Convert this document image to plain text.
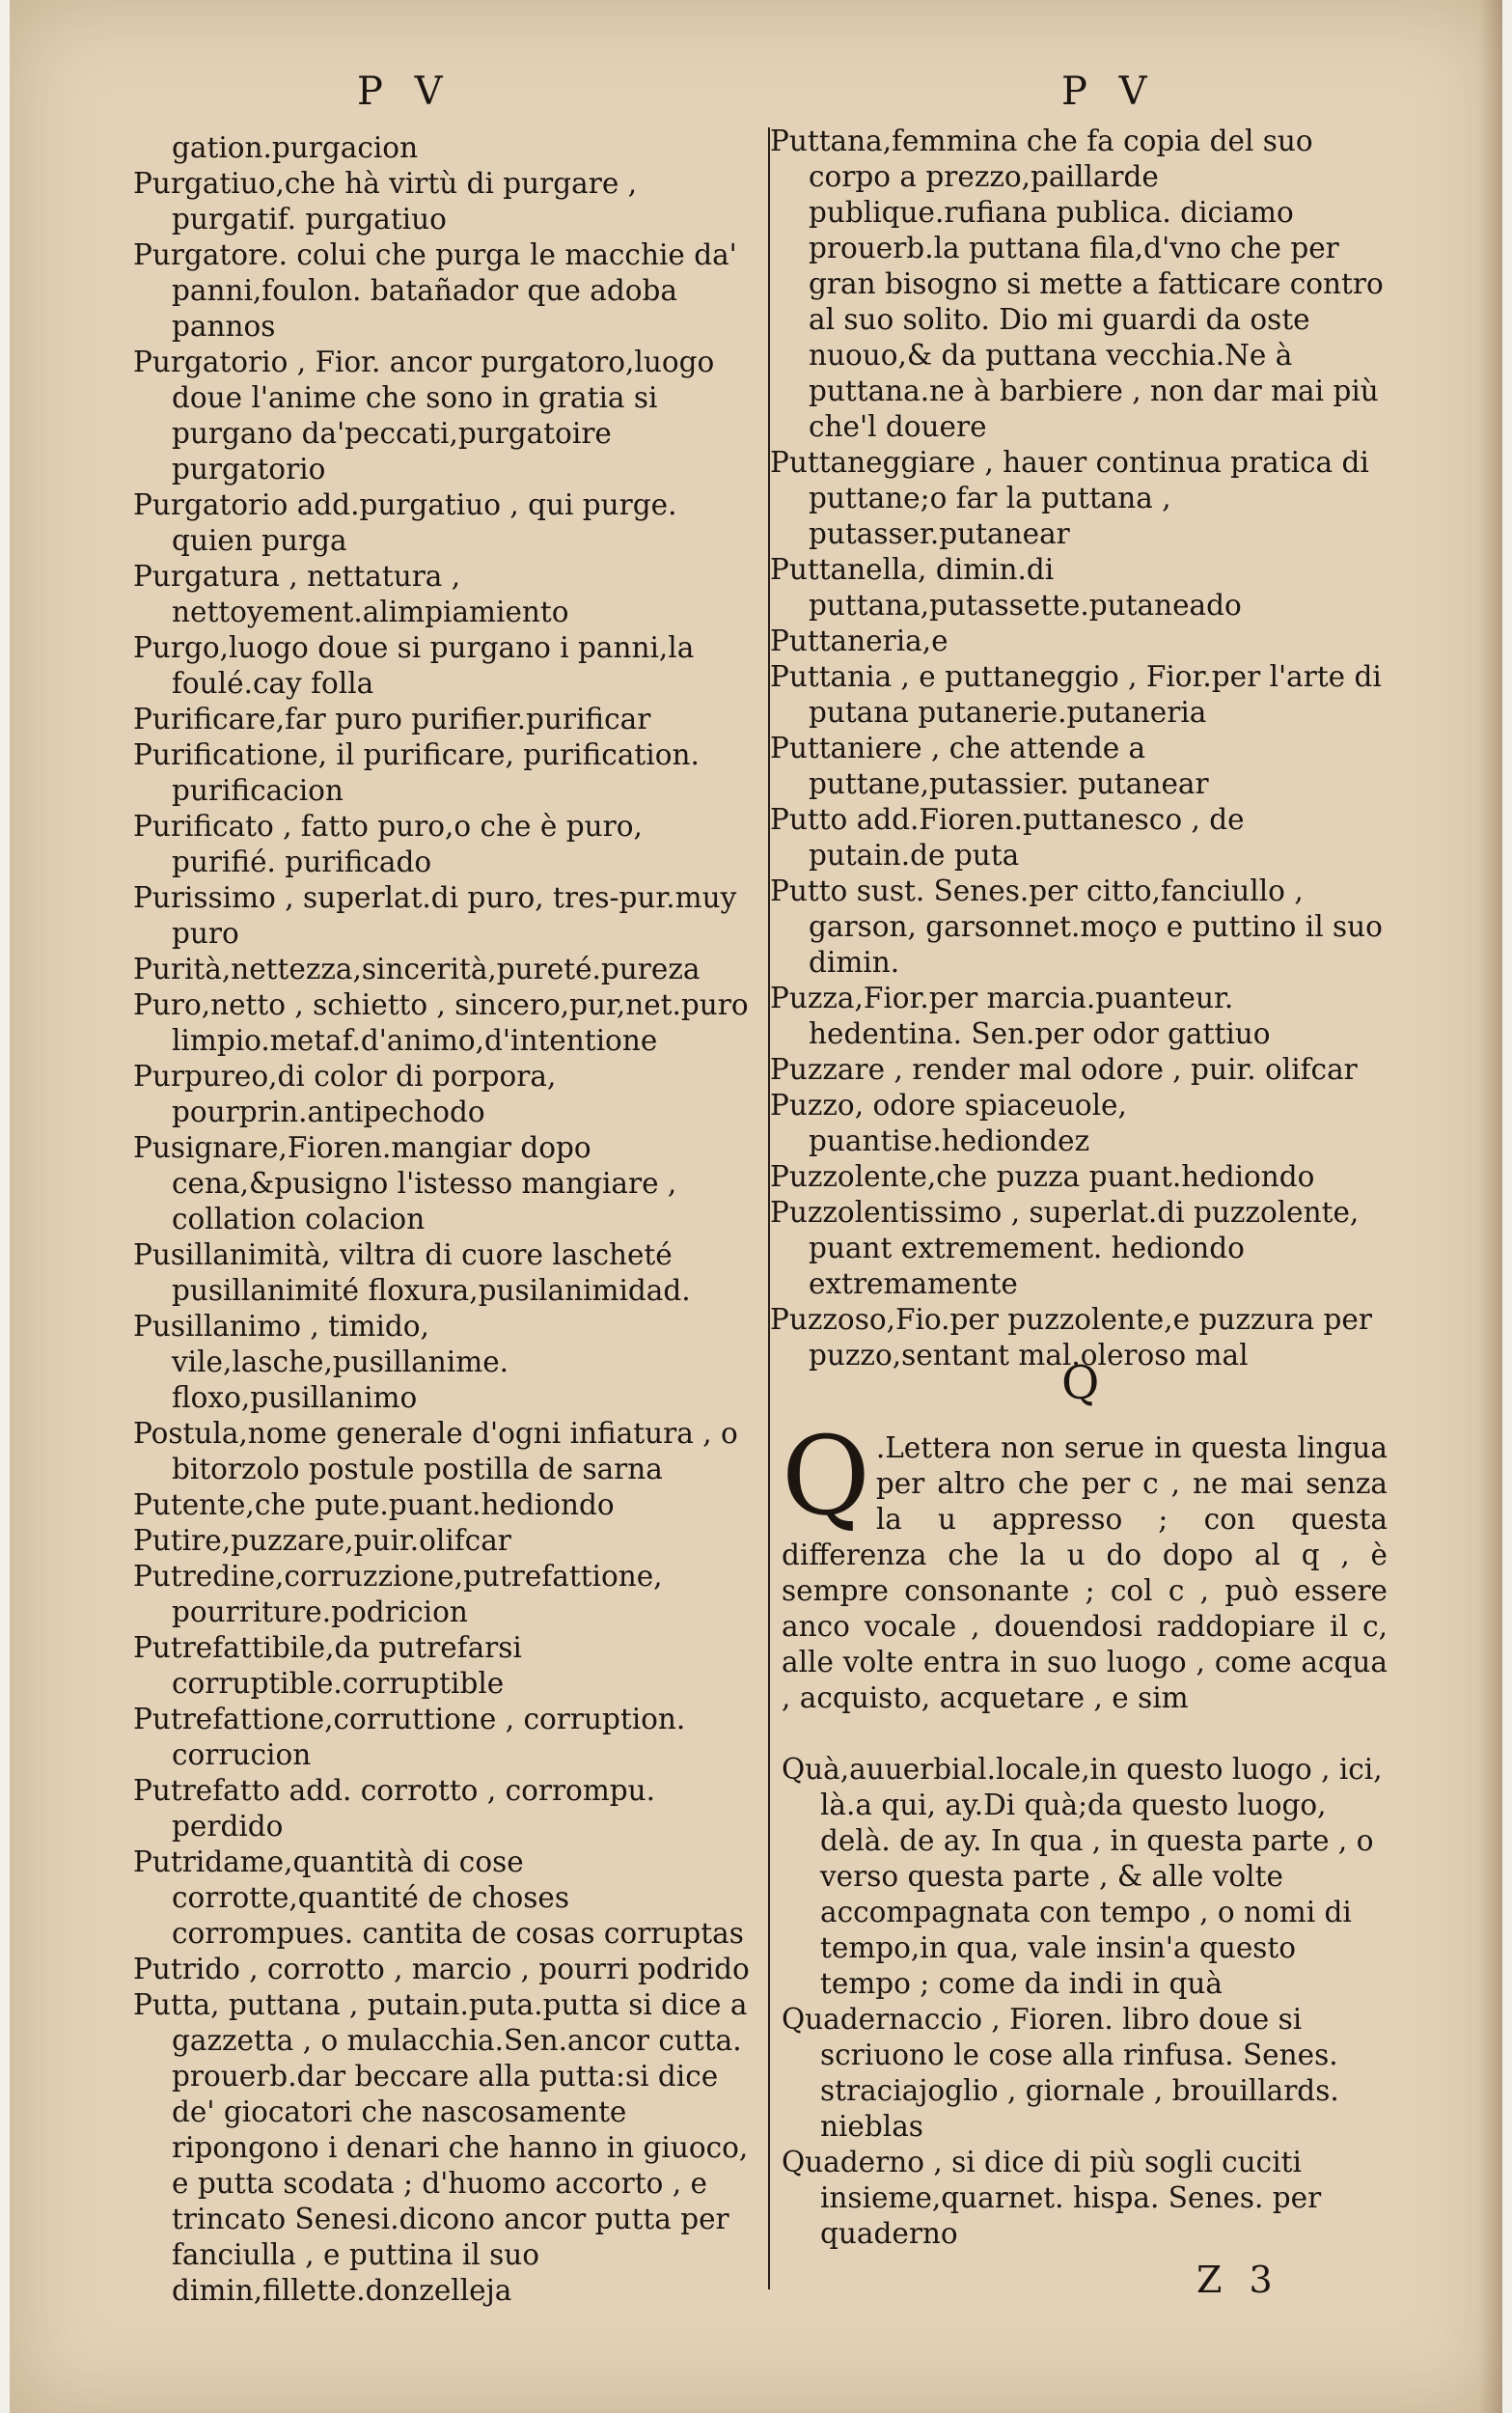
P V	P V

gation.purgacion

Purgatiuo,che hà virtù di purgare , purgatif. purgatiuo

Purgatore. colui che purga le macchie da' panni,foulon. batañador que adoba pannos

Purgatorio , Fior. ancor purgatoro,luogo doue l'anime che sono in gratia si purgano da'peccati,purgatoire purgatorio

Purgatorio add.purgatiuo , qui purge. quien purga

Purgatura , nettatura , nettoyement.alimpiamiento

Purgo,luogo doue si purgano i panni,la foulé.cay folla

Purificare,far puro purifier.purificar

Purificatione, il purificare, purification. purificacion

Purificato , fatto puro,o che è puro, purifié. purificado

Purissimo , superlat.di puro, tres-pur.muy puro

Purità,nettezza,sincerità,pureté.pureza

Puro,netto , schietto , sincero,pur,net.puro limpio.metaf.d'animo,d'intentione

Purpureo,di color di porpora, pourprin.antipechodo

Pusignare,Fioren.mangiar dopo cena,&pusigno l'istesso mangiare , collation colacion

Pusillanimità, viltra di cuore lascheté pusillanimité floxura,pusilanimidad.

Pusillanimo , timido, vile,lasche,pusillanime. floxo,pusillanimo

Postula,nome generale d'ogni infiatura , o bitorzolo postule postilla de sarna

Putente,che pute.puant.hediondo

Putire,puzzare,puir.olifcar

Putredine,corruzzione,putrefattione, pourriture.podricion

Putrefattibile,da putrefarsi corruptible.corruptible

Putrefattione,corruttione , corruption. corrucion

Putrefatto add. corrotto , corrompu. perdido

Putridame,quantità di cose corrotte,quantité de choses corrompues. cantita de cosas corruptas

Putrido , corrotto , marcio , pourri podrido

Putta, puttana , putain.puta.putta si dice a gazzetta , o mulacchia.Sen.ancor cutta. prouerb.dar beccare alla putta:si dice de' giocatori che nascosamente ripongono i denari che hanno in giuoco, e putta scodata ; d'huomo accorto , e trincato Senesi.dicono ancor putta per fanciulla , e puttina il suo dimin,fillette.donzelleja

Puttana,femmina che fa copia del suo corpo a prezzo,paillarde publique.rufiana publica. diciamo prouerb.la puttana fila,d'vno che per gran bisogno si mette a fatticare contro al suo solito. Dio mi guardi da oste nuouo,& da puttana vecchia.Ne à puttana.ne à barbiere , non dar mai più che'l douere

Puttaneggiare , hauer continua pratica di puttane;o far la puttana , putasser.putanear

Puttanella, dimin.di puttana,putassette.putaneado

Puttaneria,e

Puttania , e puttaneggio , Fior.per l'arte di putana putanerie.putaneria

Puttaniere , che attende a puttane,putassier. putanear

Putto add.Fioren.puttanesco , de putain.de puta

Putto sust. Senes.per citto,fanciullo , garson, garsonnet.moço e puttino il suo dimin.

Puzza,Fior.per marcia.puanteur. hedentina. Sen.per odor gattiuo

Puzzare , render mal odore , puir. olifcar

Puzzo, odore spiaceuole, puantise.hediondez

Puzzolente,che puzza puant.hediondo

Puzzolentissimo , superlat.di puzzolente, puant extremement. hediondo extremamente

Puzzoso,Fio.per puzzolente,e puzzura per puzzo,sentant mal.oleroso mal

Q
Q .Lettera non serue in questa lingua per altro che per c , ne mai senza la u appresso ; con questa differenza che la u do dopo al q , è sempre consonante ; col c , può essere anco vocale , douendosi raddopiare il c, alle volte entra in suo luogo , come acqua , acquisto, acquetare , e sim

Quà,auuerbial.locale,in questo luogo , ici, là.a qui, ay.Di quà;da questo luogo, delà. de ay. In qua , in questa parte , o verso questa parte , & alle volte accompagnata con tempo , o nomi di tempo,in qua, vale insin'a questo tempo ; come da indi in quà

Quadernaccio , Fioren. libro doue si scriuono le cose alla rinfusa. Senes. straciajoglio , giornale , brouillards. nieblas

Quaderno , si dice di più sogli cuciti insieme,quarnet. hispa. Senes. per quaderno

Z 3
